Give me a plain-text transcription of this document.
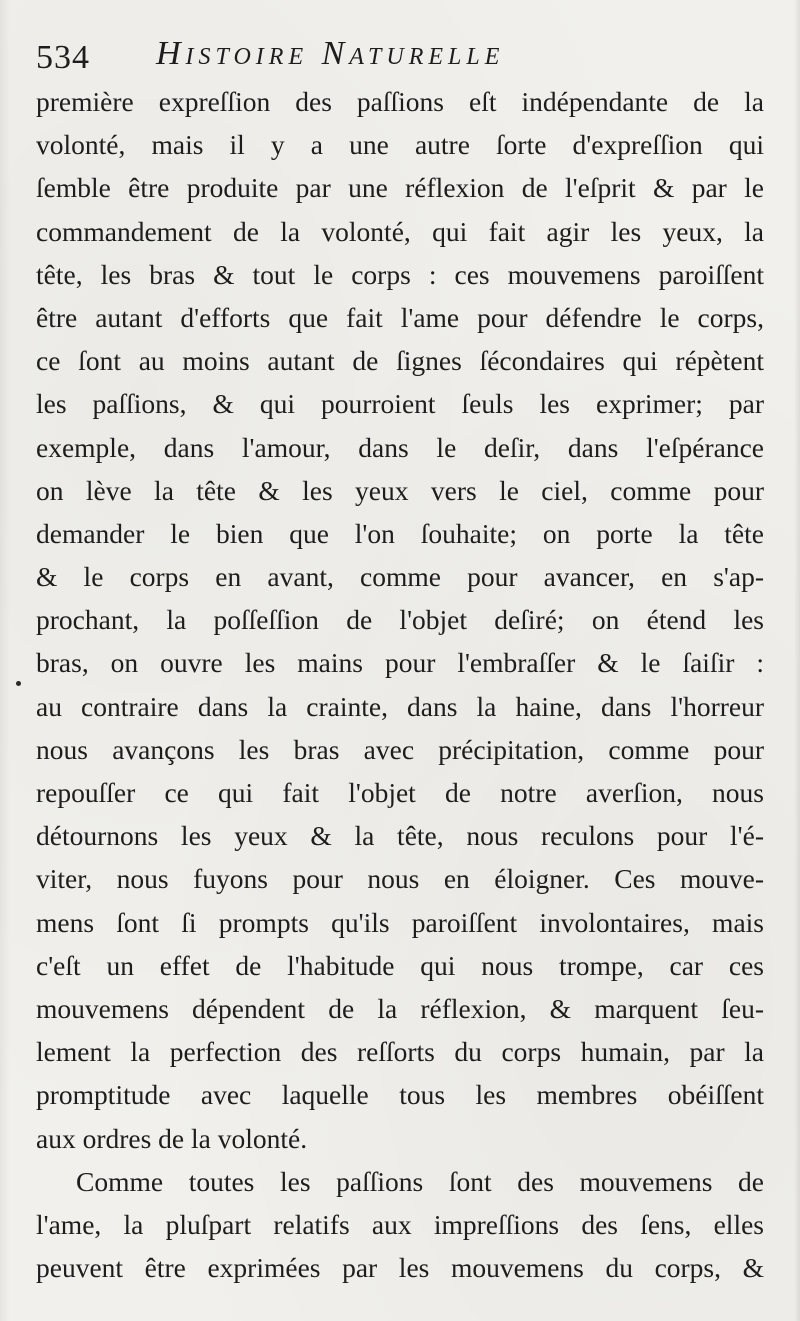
534 Histoire Naturelle
première expreſſion des paſſions eſt indépendante de la
volonté, mais il y a une autre ſorte d'expreſſion qui
ſemble être produite par une réflexion de l'eſprit & par le
commandement de la volonté, qui fait agir les yeux, la
tête, les bras & tout le corps : ces mouvemens paroiſſent
être autant d'efforts que fait l'ame pour défendre le corps,
ce ſont au moins autant de ſignes ſécondaires qui répètent
les paſſions, & qui pourroient ſeuls les exprimer; par
exemple, dans l'amour, dans le deſir, dans l'eſpérance
on lève la tête & les yeux vers le ciel, comme pour
demander le bien que l'on ſouhaite; on porte la tête
& le corps en avant, comme pour avancer, en s'ap-
prochant, la poſſeſſion de l'objet deſiré; on étend les
bras, on ouvre les mains pour l'embraſſer & le ſaiſir :
au contraire dans la crainte, dans la haine, dans l'horreur
nous avançons les bras avec précipitation, comme pour
repouſſer ce qui fait l'objet de notre averſion, nous
détournons les yeux & la tête, nous reculons pour l'é-
viter, nous fuyons pour nous en éloigner. Ces mouve-
mens ſont ſi prompts qu'ils paroiſſent involontaires, mais
c'eſt un effet de l'habitude qui nous trompe, car ces
mouvemens dépendent de la réflexion, & marquent ſeu-
lement la perfection des reſſorts du corps humain, par la
promptitude avec laquelle tous les membres obéiſſent
aux ordres de la volonté.
Comme toutes les paſſions ſont des mouvemens de
l'ame, la pluſpart relatifs aux impreſſions des ſens, elles
peuvent être exprimées par les mouvemens du corps, &
